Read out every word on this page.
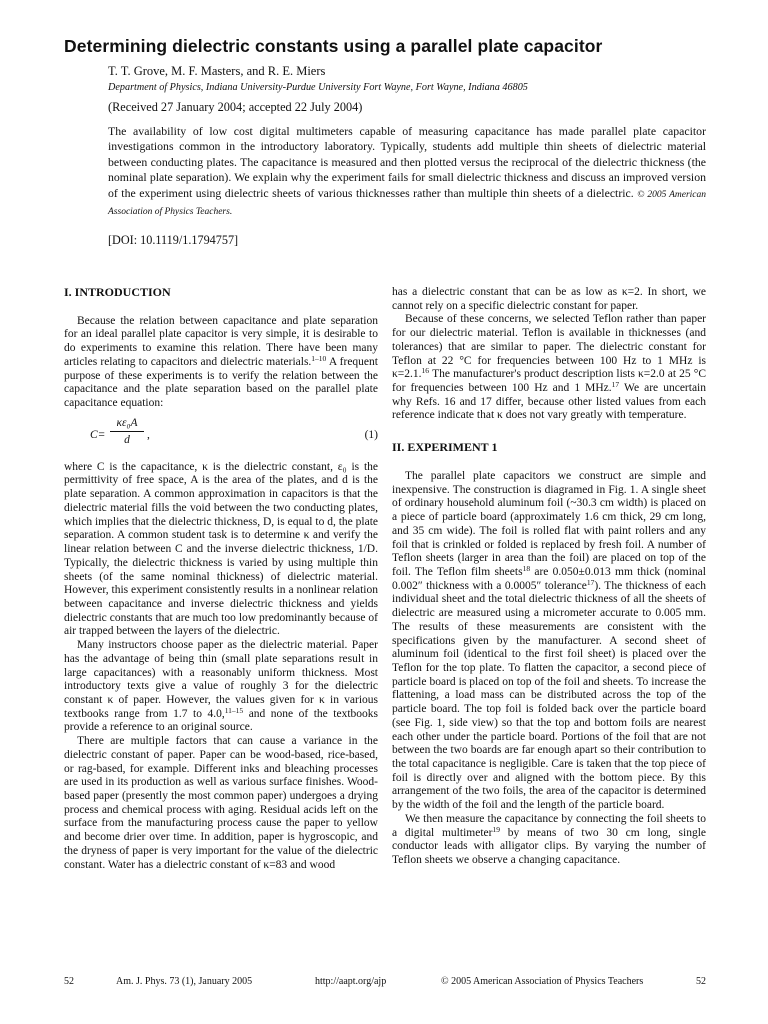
Determining dielectric constants using a parallel plate capacitor
T. T. Grove, M. F. Masters, and R. E. Miers
Department of Physics, Indiana University-Purdue University Fort Wayne, Fort Wayne, Indiana 46805
(Received 27 January 2004; accepted 22 July 2004)
The availability of low cost digital multimeters capable of measuring capacitance has made parallel plate capacitor investigations common in the introductory laboratory. Typically, students add multiple thin sheets of dielectric material between conducting plates. The capacitance is measured and then plotted versus the reciprocal of the dielectric thickness (the nominal plate separation). We explain why the experiment fails for small dielectric thickness and discuss an improved version of the experiment using dielectric sheets of various thicknesses rather than multiple thin sheets of a dielectric. © 2005 American Association of Physics Teachers.
[DOI: 10.1119/1.1794757]
I. INTRODUCTION

Because the relation between capacitance and plate separation for an ideal parallel plate capacitor is very simple, it is desirable to do experiments to examine this relation. There have been many articles relating to capacitors and dielectric materials.$^{1-10}$ A frequent purpose of these experiments is to verify the relation between the capacitance and the plate separation based on the parallel plate capacitance equation:

$C= \frac{\text{κε₀A}}{d}$ ,	(1)

where C is the capacitance, κ is the dielectric constant, ε₀ is the permittivity of free space, A is the area of the plates, and d is the plate separation. A common approximation in capacitors is that the dielectric material fills the void between the two conducting plates, which implies that the dielectric thickness, D, is equal to d, the plate separation. A common student task is to determine κ and verify the linear relation between C and the inverse dielectric thickness, 1/D. Typically, the dielectric thickness is varied by using multiple thin sheets (of the same nominal thickness) of dielectric material. However, this experiment consistently results in a nonlinear relation between capacitance and inverse dielectric thickness and yields dielectric constants that are much too low predominantly because of air trapped between the layers of the dielectric.

Many instructors choose paper as the dielectric material. Paper has the advantage of being thin (small plate separations result in large capacitances) with a reasonably uniform thickness. Most introductory texts give a value of roughly 3 for the dielectric constant κ of paper. However, the values given for κ in various textbooks range from 1.7 to 4.0,$^{11-15}$ and none of the textbooks provide a reference to an original source.

There are multiple factors that can cause a variance in the dielectric constant of paper. Paper can be wood-based, rice-based, or rag-based, for example. Different inks and bleaching processes are used in its production as well as various surface finishes. Wood-based paper (presently the most common paper) undergoes a drying process and chemical process with aging. Residual acids left on the surface from the manufacturing process cause the paper to yellow and become drier over time. In addition, paper is hygroscopic, and the dryness of paper is very important for the value of the dielectric constant. Water has a dielectric constant of κ=83 and wood

has a dielectric constant that can be as low as κ=2. In short, we cannot rely on a specific dielectric constant for paper.

Because of these concerns, we selected Teflon rather than paper for our dielectric material. Teflon is available in thicknesses (and tolerances) that are similar to paper. The dielectric constant for Teflon at 22 °C for frequencies between 100 Hz to 1 MHz is κ=2.1.16 The manufacturer's product description lists κ=2.0 at 25 °C for frequencies between 100 Hz and 1 MHz.$^{17}$ We are uncertain why Refs. 16 and 17 differ, because other listed values from each reference indicate that κ does not vary greatly with temperature.

II. EXPERIMENT 1

The parallel plate capacitors we construct are simple and inexpensive. The construction is diagramed in Fig. 1. A single sheet of ordinary household aluminum foil (~30.3 cm width) is placed on a piece of particle board (approximately 1.6 cm thick, 29 cm long, and 35 cm wide). The foil is rolled flat with paint rollers and any foil that is crinkled or folded is replaced by fresh foil. A number of Teflon sheets (larger in area than the foil) are placed on top of the foil. The Teflon film sheets$^{18}$ are 0.050±0.013 mm thick (nominal 0.002″ thickness with a 0.0005″ tolerance$^{17}$). The thickness of each individual sheet and the total dielectric thickness of all the sheets of dielectric are measured using a micrometer accurate to 0.005 mm. The results of these measurements are consistent with the specifications given by the manufacturer. A second sheet of aluminum foil (identical to the first foil sheet) is placed over the Teflon for the top plate. To flatten the capacitor, a second piece of particle board is placed on top of the foil and sheets. To increase the flattening, a load mass can be distributed across the top of the particle board. The top foil is folded back over the particle board (see Fig. 1, side view) so that the top and bottom foils are nearest each other under the particle board. Portions of the foil that are not between the two boards are far enough apart so their contribution to the total capacitance is negligible. Care is taken that the top piece of foil is directly over and aligned with the bottom piece. By this arrangement of the two foils, the area of the capacitor is determined by the width of the foil and the length of the particle board.

We then measure the capacitance by connecting the foil sheets to a digital multimeter$^{19}$ by means of two 30 cm long, single conductor leads with alligator clips. By varying the number of Teflon sheets we observe a changing capacitance.

52	Am. J. Phys. 73 (1), January 2005	http://aapt.org/ajp	© 2005 American Association of Physics Teachers	52
